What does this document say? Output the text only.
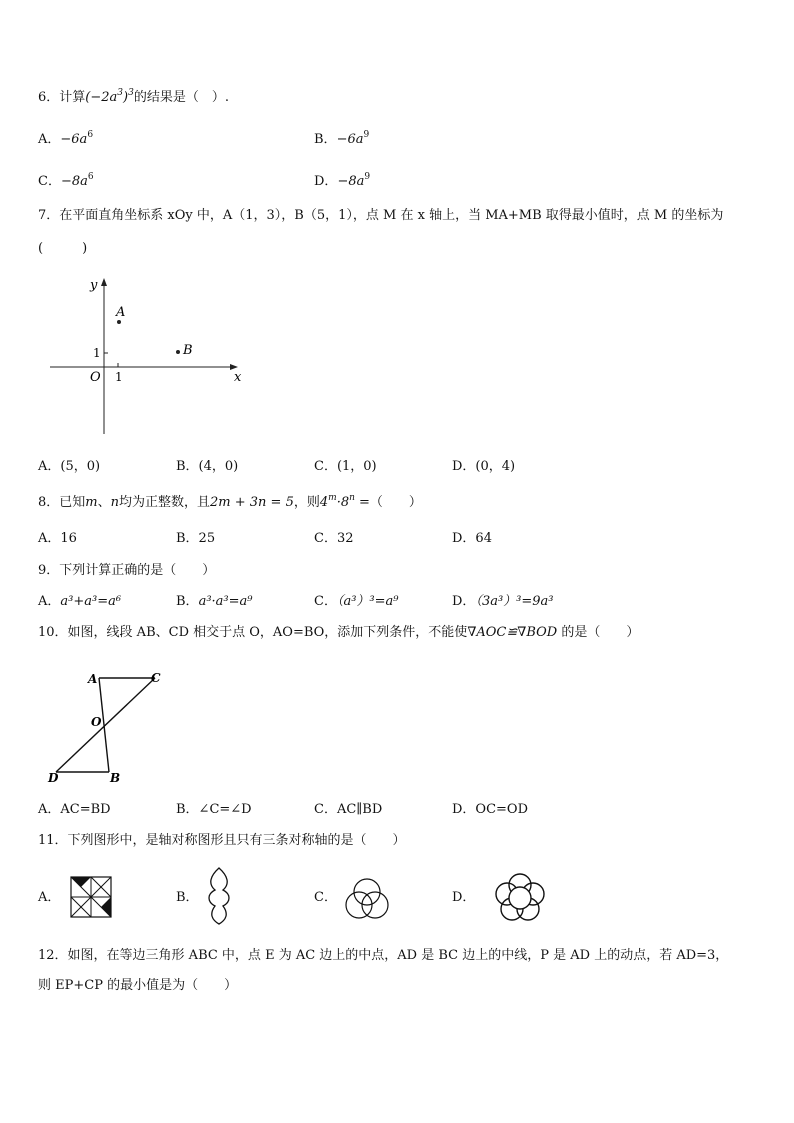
6．计算$(-2a^3)^3$的结果是（　）.
A．$-6a^6$	B．$-6a^9$
C．$-8a^6$	D．$-8a^9$
7．在平面直角坐标系 xOy 中，A（1，3），B（5，1），点 M 在 x 轴上，当 MA+MB 取得最小值时，点 M 的坐标为
(　　　)
x
y
O 1
1
A
B
A．(5，0)	B．(4，0)	C．(1，0)	D．(0，4)
8．已知m、n均为正整数，且2m + 3n = 5，则$4^m\cdot 8^n$ =（　　）
A．16	B．25	C．32	D．64
9．下列计算正确的是（　　）
A．a³+a³=a⁶	B．a³·a³=a⁹	C．（a³）³=a⁹	D．（3a³）³=9a³
10．如图，线段 AB、CD 相交于点 O，AO=BO，添加下列条件，不能使∇AOC≌∇BOD 的是（　　）
A	C
O
D	B
A．AC=BD	B．∠C=∠D	C．AC∥BD	D．OC=OD
11．下列图形中，是轴对称图形且只有三条对称轴的是（　　）
A．	B．	C．	D．
12．如图，在等边三角形 ABC 中，点 E 为 AC 边上的中点，AD 是 BC 边上的中线，P 是 AD 上的动点，若 AD=3，
则 EP+CP 的最小值是为（　　）
